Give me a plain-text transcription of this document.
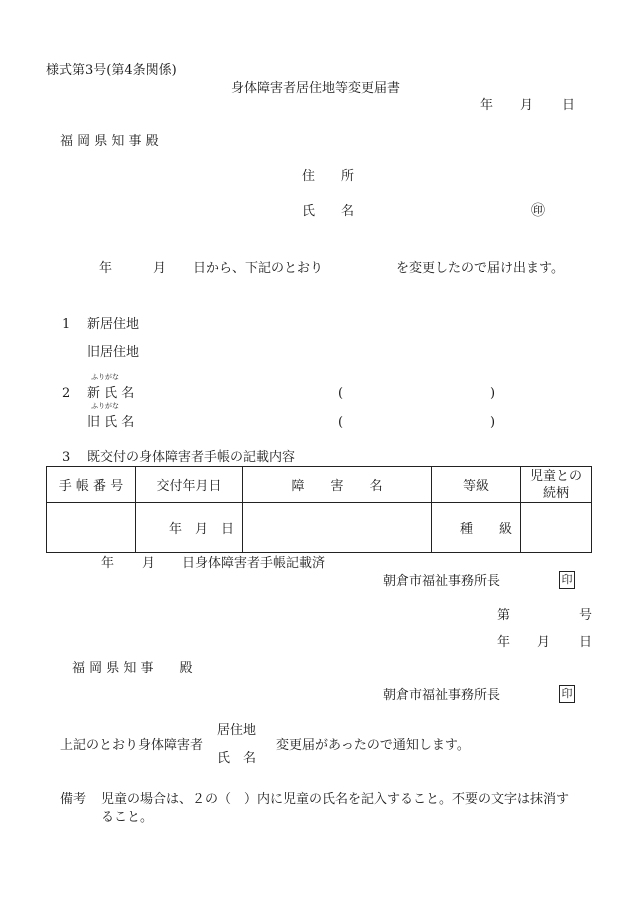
様式第3号(第4条関係)
身体障害者居住地等変更届書
年 月 日
福 岡 県 知 事 殿
住　　所
氏　　名	㊞
年	月 日から、下記のとおり	を変更したので届け出ます。
1 新居住地
旧居住地
ふりがな
2 新 氏 名	(	)
ふりがな
旧 氏 名	(	)
3 既交付の身体障害者手帳の記載内容
手 帳 番 号	交付年月日	障　　害　　名	等級	児童との
続柄
	年　月　日		種　　級	
年 月 日身体障害者手帳記載済
朝倉市福祉事務所長	印
第	号
年 月 日
福 岡 県 知 事　　殿
朝倉市福祉事務所長	印
上記のとおり身体障害者
居住地
氏　名
変更届があったので通知します。
備考 児童の場合は、２の（　）内に児童の氏名を記入すること。不要の文字は抹消す
ること。
